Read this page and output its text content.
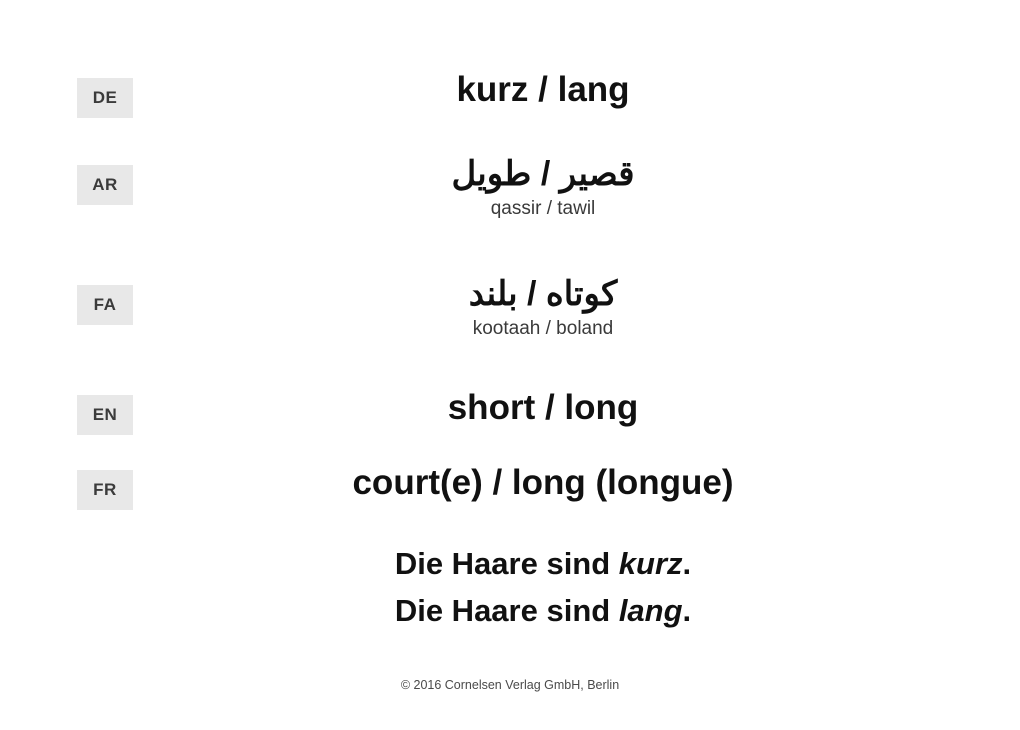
DE	kurz / lang
AR	قصير / طويل
qassir / tawil
FA	کوتاه / بلند
kootaah / boland
EN	short / long
FR	court(e) / long (longue)
Die Haare sind kurz.
Die Haare sind lang.
© 2016 Cornelsen Verlag GmbH, Berlin
